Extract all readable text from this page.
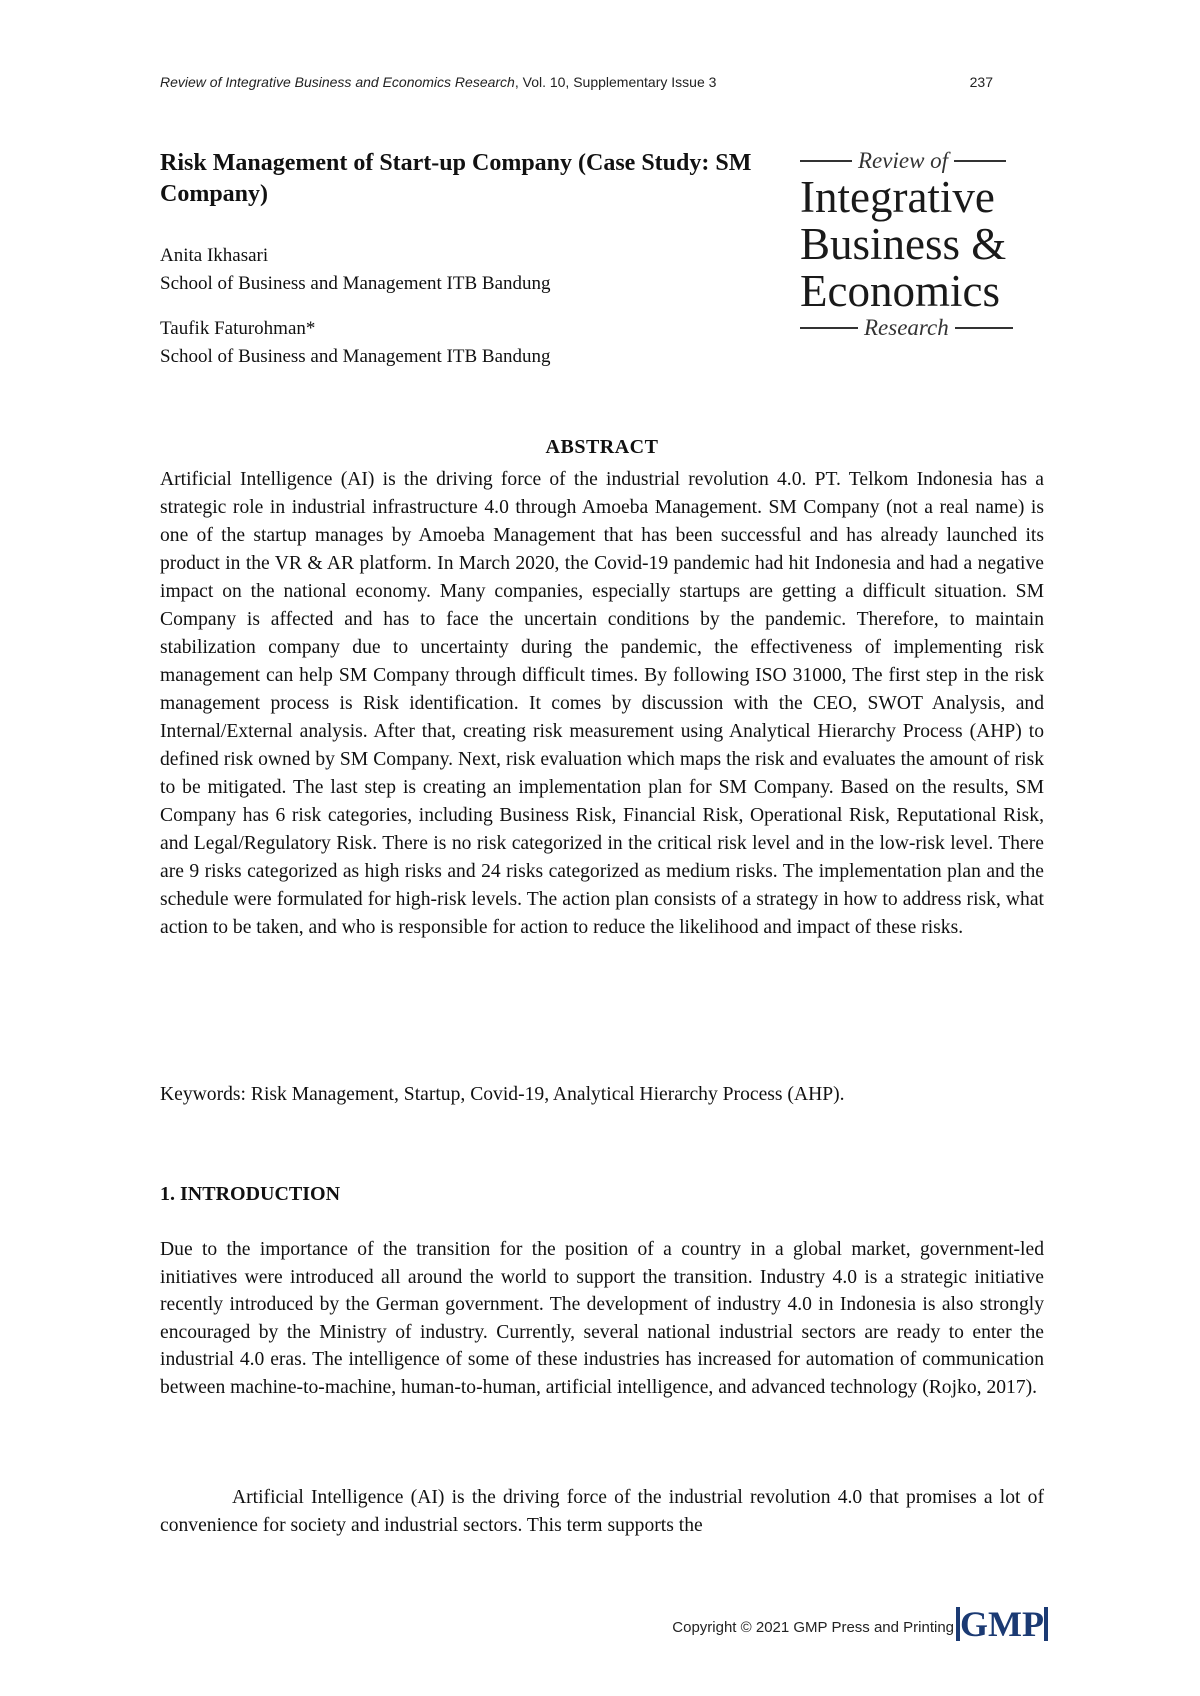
Review of Integrative Business and Economics Research, Vol. 10, Supplementary Issue 3	237
Risk Management of Start-up Company (Case Study: SM Company)

Anita Ikhasari
School of Business and Management ITB Bandung

Taufik Faturohman*
School of Business and Management ITB Bandung

Review of
Integrative
Business &
Economics
Research
ABSTRACT

Artificial Intelligence (AI) is the driving force of the industrial revolution 4.0. PT. Telkom Indonesia has a strategic role in industrial infrastructure 4.0 through Amoeba Management. SM Company (not a real name) is one of the startup manages by Amoeba Management that has been successful and has already launched its product in the VR & AR platform. In March 2020, the Covid-19 pandemic had hit Indonesia and had a negative impact on the national economy. Many companies, especially startups are getting a difficult situation. SM Company is affected and has to face the uncertain conditions by the pandemic. Therefore, to maintain stabilization company due to uncertainty during the pandemic, the effectiveness of implementing risk management can help SM Company through difficult times. By following ISO 31000, The first step in the risk management process is Risk identification. It comes by discussion with the CEO, SWOT Analysis, and Internal/External analysis. After that, creating risk measurement using Analytical Hierarchy Process (AHP) to defined risk owned by SM Company. Next, risk evaluation which maps the risk and evaluates the amount of risk to be mitigated. The last step is creating an implementation plan for SM Company. Based on the results, SM Company has 6 risk categories, including Business Risk, Financial Risk, Operational Risk, Reputational Risk, and Legal/Regulatory Risk. There is no risk categorized in the critical risk level and in the low-risk level. There are 9 risks categorized as high risks and 24 risks categorized as medium risks. The implementation plan and the schedule were formulated for high-risk levels. The action plan consists of a strategy in how to address risk, what action to be taken, and who is responsible for action to reduce the likelihood and impact of these risks.

Keywords: Risk Management, Startup, Covid-19, Analytical Hierarchy Process (AHP).

1. INTRODUCTION

Due to the importance of the transition for the position of a country in a global market, government-led initiatives were introduced all around the world to support the transition. Industry 4.0 is a strategic initiative recently introduced by the German government. The development of industry 4.0 in Indonesia is also strongly encouraged by the Ministry of industry. Currently, several national industrial sectors are ready to enter the industrial 4.0 eras. The intelligence of some of these industries has increased for automation of communication between machine-to-machine, human-to-human, artificial intelligence, and advanced technology (Rojko, 2017).

Artificial Intelligence (AI) is the driving force of the industrial revolution 4.0 that promises a lot of convenience for society and industrial sectors. This term supports the

Copyright © 2021 GMP Press and Printing GMP
